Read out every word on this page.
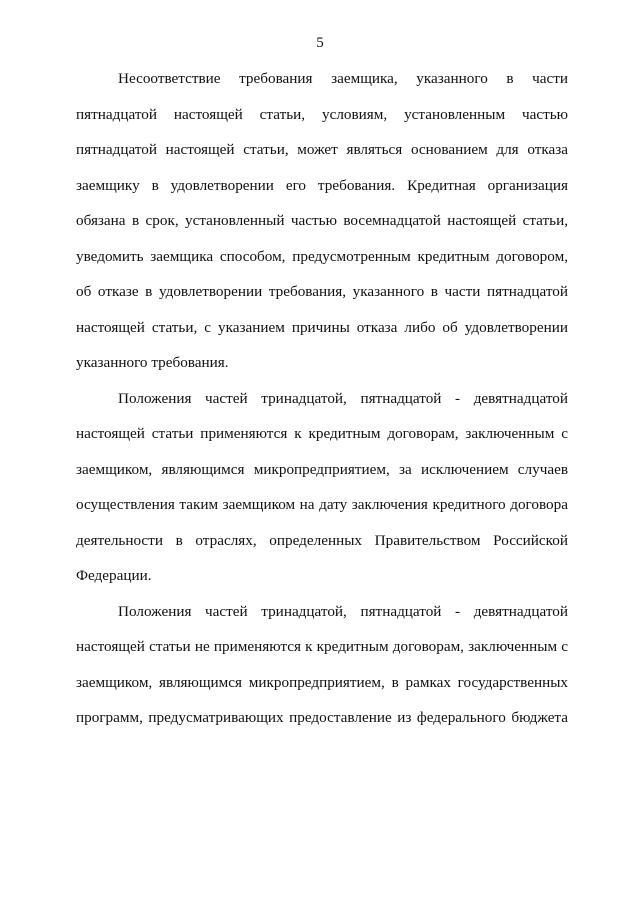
5
Несоответствие требования заемщика, указанного в части
пятнадцатой настоящей статьи, условиям, установленным частью
пятнадцатой настоящей статьи, может являться основанием для отказа
заемщику в удовлетворении его требования. Кредитная организация
обязана в срок, установленный частью восемнадцатой настоящей статьи,
уведомить заемщика способом, предусмотренным кредитным договором,
об отказе в удовлетворении требования, указанного в части пятнадцатой
настоящей статьи, с указанием причины отказа либо об удовлетворении
указанного требования.
Положения частей тринадцатой, пятнадцатой - девятнадцатой
настоящей статьи применяются к кредитным договорам, заключенным с
заемщиком, являющимся микропредприятием, за исключением случаев
осуществления таким заемщиком на дату заключения кредитного договора
деятельности в отраслях, определенных Правительством Российской
Федерации.
Положения частей тринадцатой, пятнадцатой - девятнадцатой
настоящей статьи не применяются к кредитным договорам, заключенным с
заемщиком, являющимся микропредприятием, в рамках государственных
программ, предусматривающих предоставление из федерального бюджета
